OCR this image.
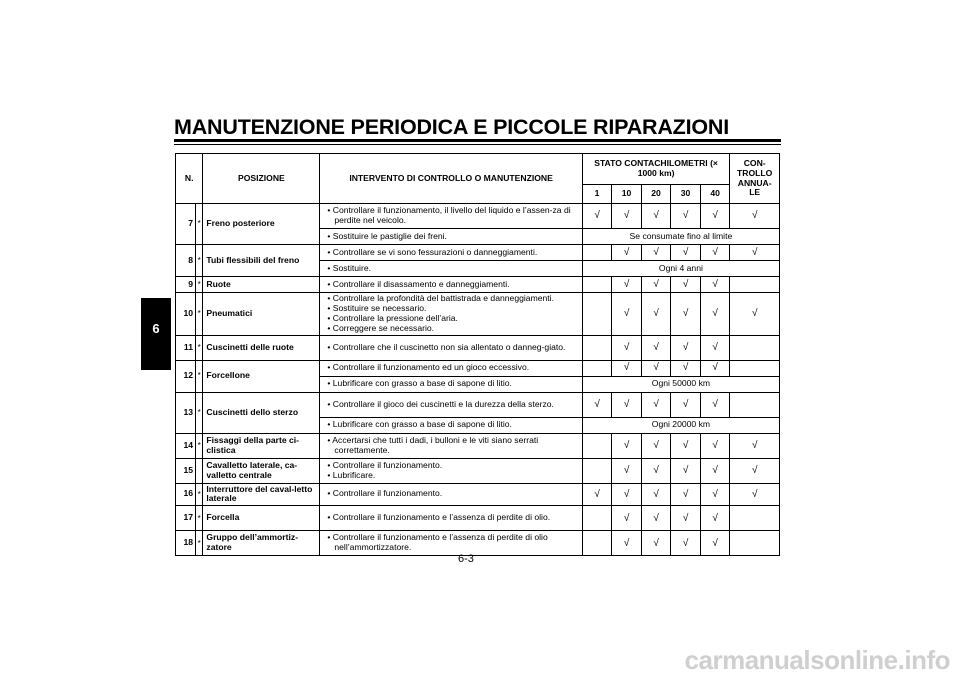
MANUTENZIONE PERIODICA E PICCOLE RIPARAZIONI
6
N.		POSIZIONE	INTERVENTO DI CONTROLLO O MANUTENZIONE	STATO CONTACHILOMETRI (× 1000 km)					CON-TROLLO ANNUA-LE
				1	10	20	30	40	
7	*	Freno posteriore	• Controllare il funzionamento, il livello del liquido e l’assen-za di perdite nel veicolo.	√	√	√	√	√	√

			• Sostituire le pastiglie dei freni.	Se consumate fino al limite					
8	*	Tubi flessibili del freno	• Controllare se vi sono fessurazioni o danneggiamenti.		√	√	√	√	√

			• Sostituire.	Ogni 4 anni					
9	*	Ruote	• Controllare il disassamento e danneggiamenti.		√	√	√	√	
10	*	Pneumatici	• Controllare la profondità del battistrada e danneggiamenti.
• Sostituire se necessario.
• Controllare la pressione dell’aria.
• Correggere se necessario.		√	√	√	√	√
11	*	Cuscinetti delle ruote	• Controllare che il cuscinetto non sia allentato o danneg-giato.		√	√	√	√	
12	*	Forcellone	• Controllare il funzionamento ed un gioco eccessivo.		√	√	√	√	

			• Lubrificare con grasso a base di sapone di litio.	Ogni 50000 km					
13	*	Cuscinetti dello sterzo	• Controllare il gioco dei cuscinetti e la durezza della sterzo.	√	√	√	√	√	

			• Lubrificare con grasso a base di sapone di litio.	Ogni 20000 km					
14	*	Fissaggi della parte ci-clistica	• Accertarsi che tutti i dadi, i bulloni e le viti siano serrati correttamente.		√	√	√	√	√
15		Cavalletto laterale, ca-valletto centrale	• Controllare il funzionamento.
• Lubrificare.		√	√	√	√	√
16	*	Interruttore del caval-letto laterale	• Controllare il funzionamento.	√	√	√	√	√	√
17	*	Forcella	• Controllare il funzionamento e l’assenza di perdite di olio.		√	√	√	√	
18	*	Gruppo dell’ammortiz-zatore	• Controllare il funzionamento e l’assenza di perdite di olio nell’ammortizzatore.		√	√	√	√	
6-3
carmanualsonline.info
